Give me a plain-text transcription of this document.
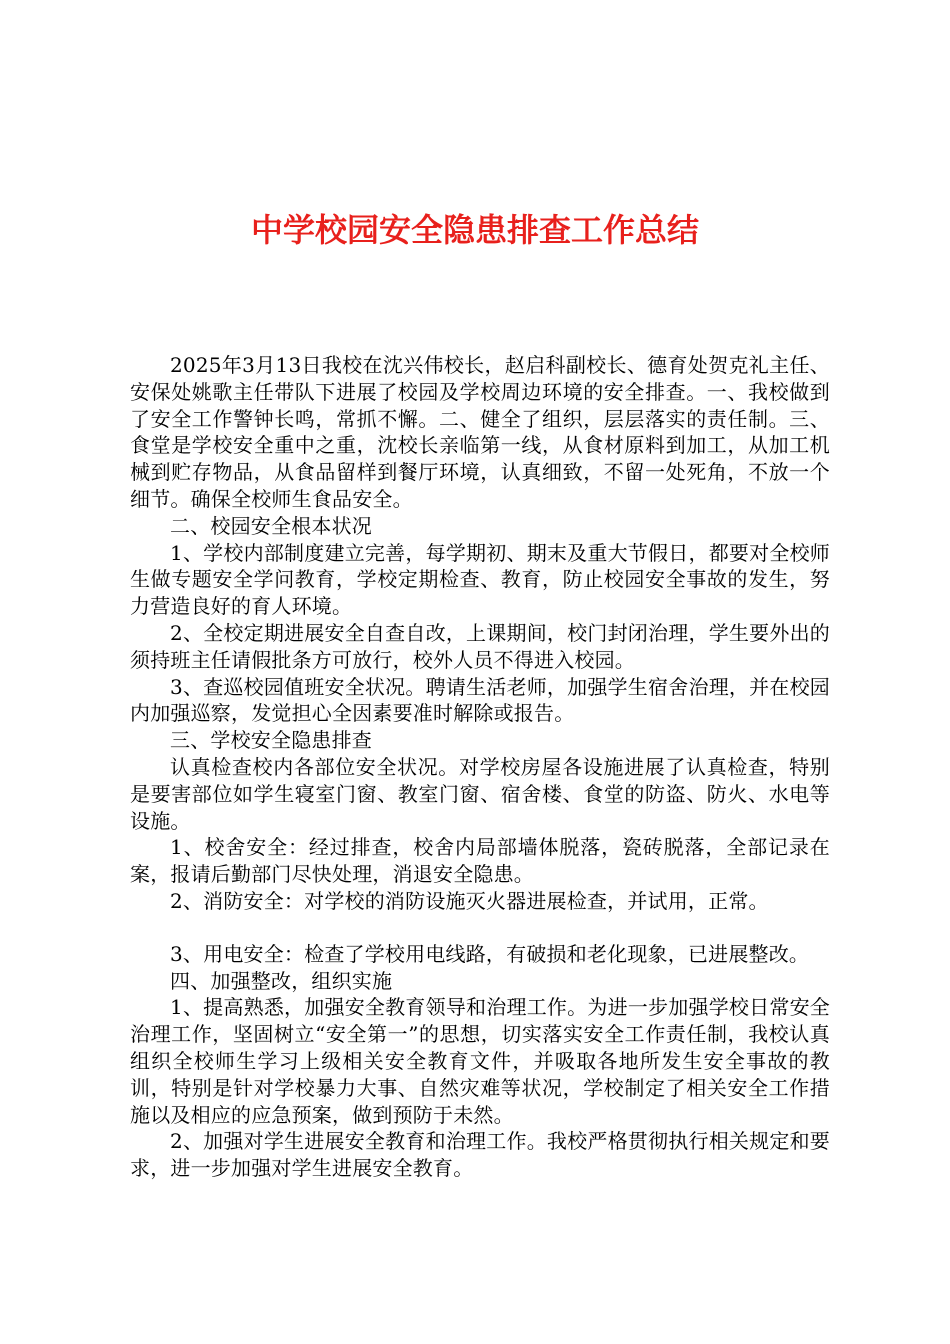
中学校园安全隐患排查工作总结

2025年3月13日我校在沈兴伟校长，赵启科副校长、德育处贺克礼主任、安保处姚歌主任带队下进展了校园及学校周边环境的安全排查。一、我校做到了安全工作警钟长鸣，常抓不懈。二、健全了组织，层层落实的责任制。三、食堂是学校安全重中之重，沈校长亲临第一线，从食材原料到加工，从加工机械到贮存物品，从食品留样到餐厅环境，认真细致，不留一处死角，不放一个细节。确保全校师生食品安全。

二、校园安全根本状况

1、学校内部制度建立完善，每学期初、期末及重大节假日，都要对全校师生做专题安全学问教育，学校定期检查、教育，防止校园安全事故的发生，努力营造良好的育人环境。

2、全校定期进展安全自查自改，上课期间，校门封闭治理，学生要外出的须持班主任请假批条方可放行，校外人员不得进入校园。

3、查巡校园值班安全状况。聘请生活老师，加强学生宿舍治理，并在校园内加强巡察，发觉担心全因素要准时解除或报告。

三、学校安全隐患排查

认真检查校内各部位安全状况。对学校房屋各设施进展了认真检查，特别是要害部位如学生寝室门窗、教室门窗、宿舍楼、食堂的防盗、防火、水电等设施。

1、校舍安全：经过排查，校舍内局部墙体脱落，瓷砖脱落，全部记录在案，报请后勤部门尽快处理，消退安全隐患。

2、消防安全：对学校的消防设施灭火器进展检查，并试用，正常。

3、用电安全：检查了学校用电线路，有破损和老化现象，已进展整改。

四、加强整改，组织实施

1、提高熟悉，加强安全教育领导和治理工作。为进一步加强学校日常安全治理工作，坚固树立“安全第一”的思想，切实落实安全工作责任制，我校认真组织全校师生学习上级相关安全教育文件，并吸取各地所发生安全事故的教训，特别是针对学校暴力大事、自然灾难等状况，学校制定了相关安全工作措施以及相应的应急预案，做到预防于未然。

2、加强对学生进展安全教育和治理工作。我校严格贯彻执行相关规定和要求，进一步加强对学生进展安全教育。
